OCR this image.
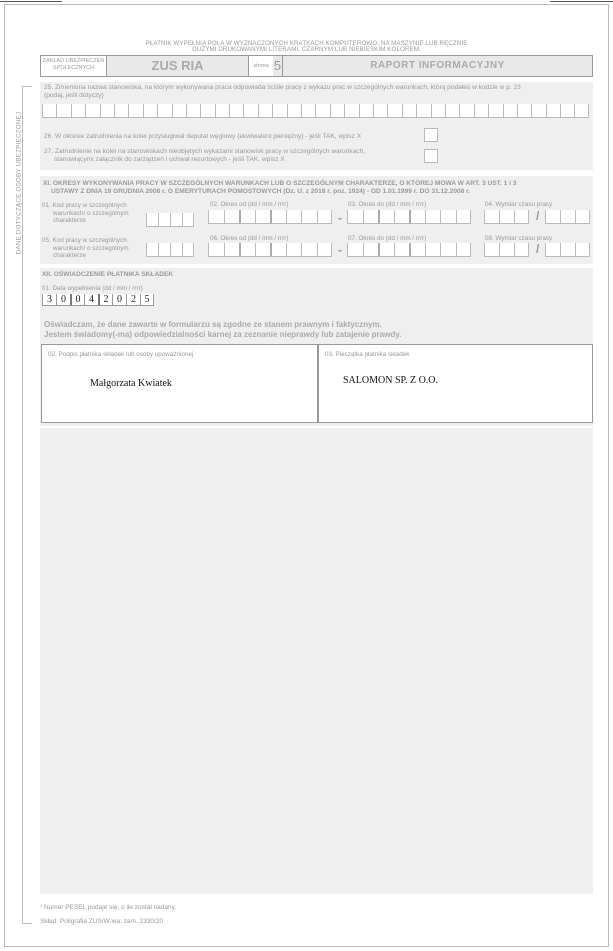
PŁATNIK WYPEŁNIA POLA W WYZNACZONYCH KRATKACH KOMPUTEROWO, NA MASZYNIE LUB RĘCZNIE
DUŻYMI DRUKOWANYMI LITERAMI, CZARNYM LUB NIEBIESKIM KOLOREM.
ZAKŁAD UBEZPIECZEŃ
SPOŁECZNYCH	ZUS RIA	strona 5	RAPORT INFORMACYJNY
DANE DOTYCZĄCE OSOBY UBEZPIECZONEJ
25. Zmieniona nazwa stanowiska, na którym wykonywana praca odpowiada ściśle pracy z wykazu prac w szczególnych warunkach, którą podałeś w kodzie w p. 23
(podaj, jeśli dotyczy)
26. W okresie zatrudnienia na kolei przysługiwał deputat węglowy (ekwiwalent pieniężny) - jeśli TAK, wpisz X
27. Zatrudnienie na kolei na stanowiskach nieobjętych wykazami stanowisk pracy w szczególnych warunkach,
stanowiącymi załącznik do zarządzeń i uchwał resortowych - jeśli TAK, wpisz X
XI. OKRESY WYKONYWANIA PRACY W SZCZEGÓLNYCH WARUNKACH LUB O SZCZEGÓLNYM CHARAKTERZE, O KTÓREJ MOWA W ART. 3 UST. 1 i 3
USTAWY Z DNIA 19 GRUDNIA 2008 r. O EMERYTURACH POMOSTOWYCH (Dz. U. z 2018 r. poz. 1924) - OD 1.01.1999 r. DO 31.12.2008 r.
01. Kod pracy w szczególnych
warunkach/ o szczególnym
charakterze
02. Okres od (dd / mm / rrrr)
-
03. Okres do (dd / mm / rrrr)	04. Wymiar czasu pracy
/
05. Kod pracy w szczególnych
warunkach/ o szczególnym
charakterze
06. Okres od (dd / mm / rrrr)
-
07. Okres do (dd / mm / rrrr)	08. Wymiar czasu pracy
/
XII. OŚWIADCZENIE PŁATNIKA SKŁADEK
01. Data wypełnienia (dd / mm / rrrr)
3 0 0 4 2 0 2 5
Oświadczam, że dane zawarte w formularzu są zgodne ze stanem prawnym i faktycznym.
Jestem świadomy(-ma) odpowiedzialności karnej za zeznanie nieprawdy lub zatajenie prawdy.
02. Podpis płatnika składek lub osoby upoważnionej
Małgorzata Kwiatek
03. Pieczątka płatnika składek
SALOMON SP. Z O.O.
¹ Numer PESEL podaje się, o ile został nadany.
Skład: Poligrafia ZUS/W-wa; zam. 2330/20
